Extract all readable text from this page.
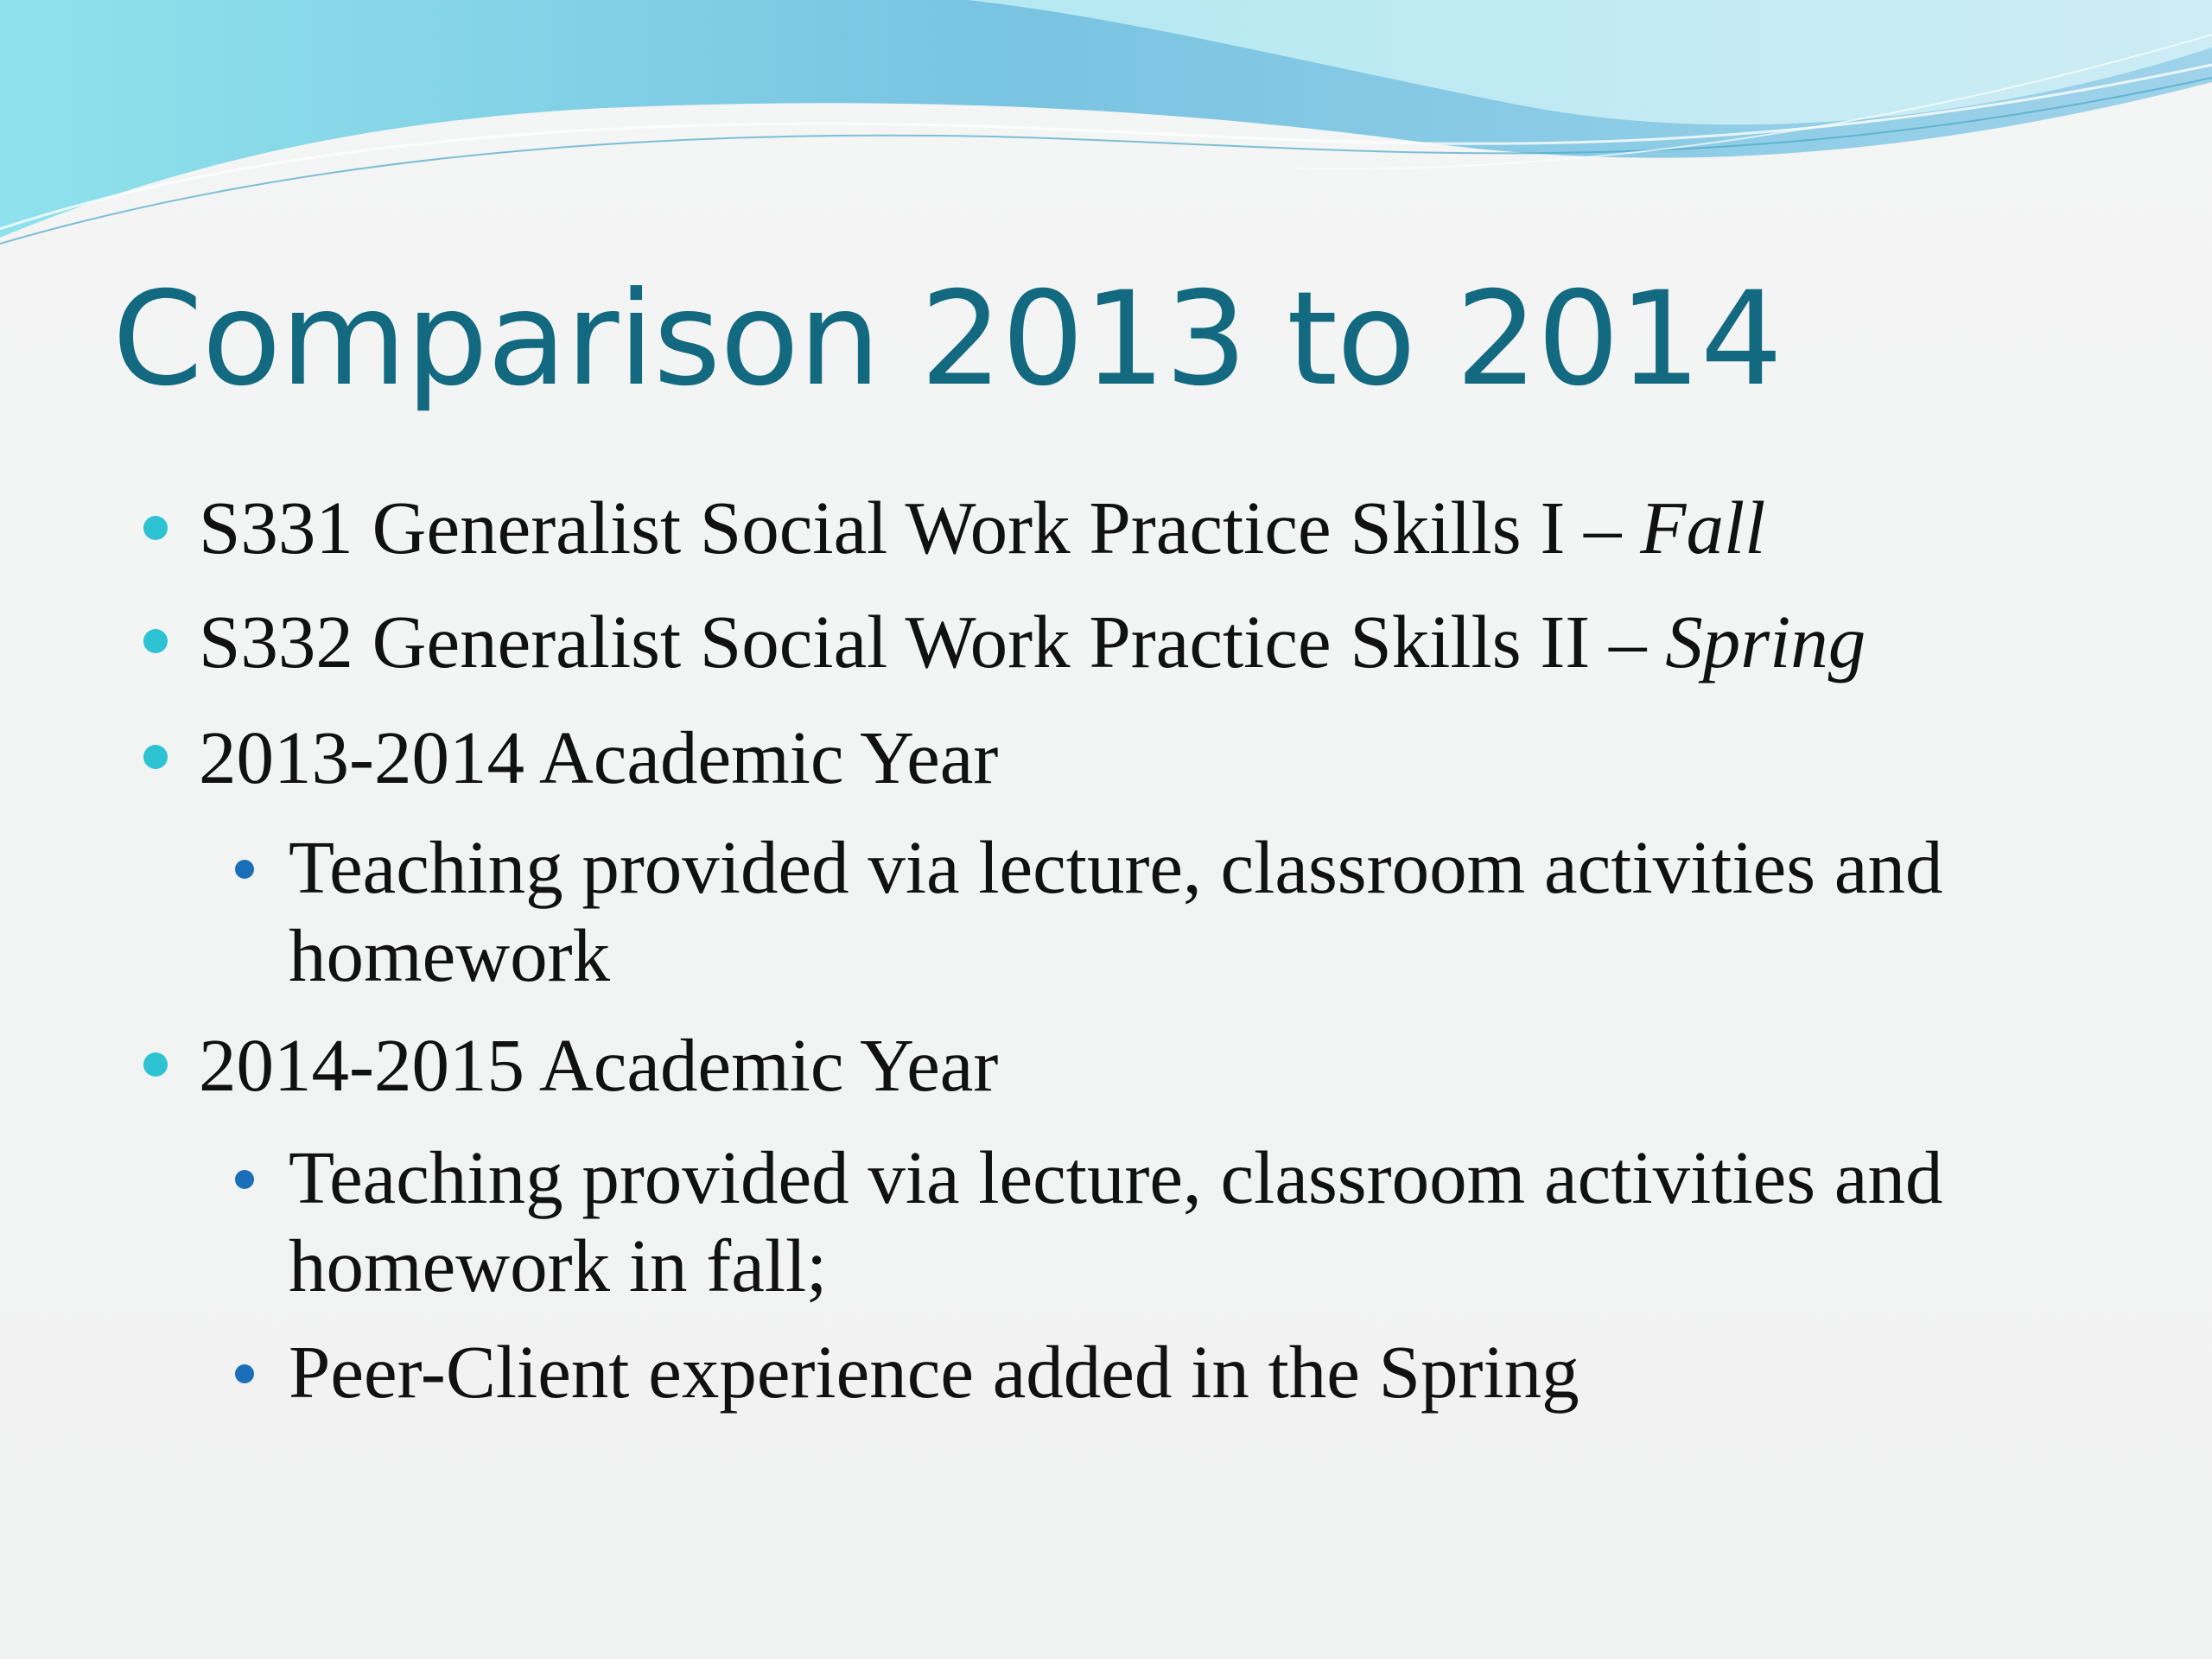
Comparison 2013 to 2014
S331 Generalist Social Work Practice Skills I – Fall
S332 Generalist Social Work Practice Skills II – Spring
2013-2014 Academic Year
Teaching provided via lecture, classroom activities and
homework
2014-2015 Academic Year
Teaching provided via lecture, classroom activities and
homework in fall;
Peer-Client experience added in the Spring
